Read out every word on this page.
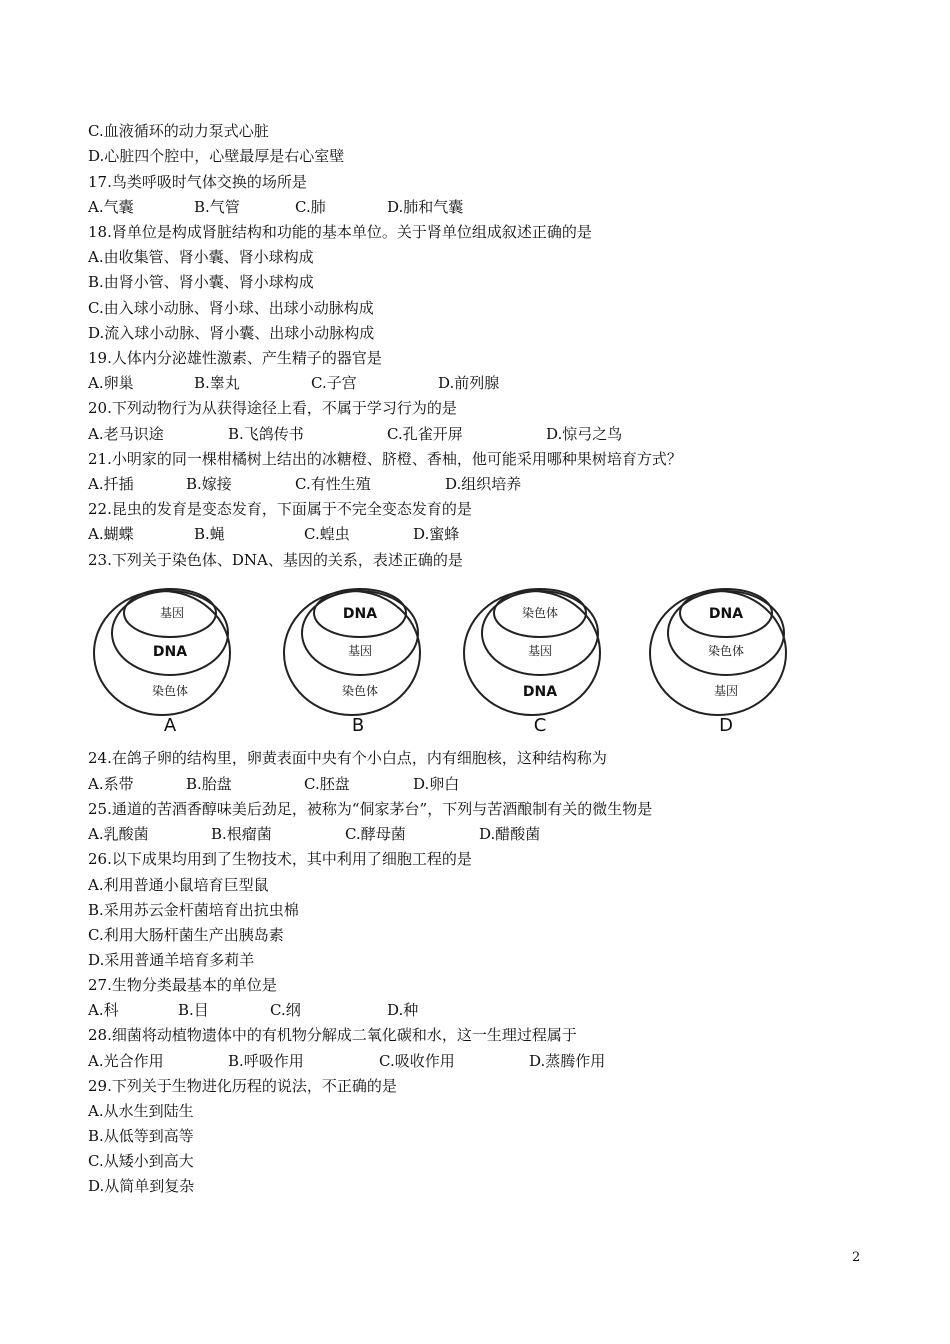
C.血液循环的动力泵式心脏
D.心脏四个腔中，心壁最厚是右心室壁
17.鸟类呼吸时气体交换的场所是
A.气囊	B.气管	C.肺	D.肺和气囊
18.肾单位是构成肾脏结构和功能的基本单位。关于肾单位组成叙述正确的是
A.由收集管、肾小囊、肾小球构成
B.由肾小管、肾小囊、肾小球构成
C.由入球小动脉、肾小球、出球小动脉构成
D.流入球小动脉、肾小囊、出球小动脉构成
19.人体内分泌雄性激素、产生精子的器官是
A.卵巢	B.睾丸	C.子宫	D.前列腺
20.下列动物行为从获得途径上看，不属于学习行为的是
A.老马识途	B.飞鸽传书	C.孔雀开屏	D.惊弓之鸟
21.小明家的同一棵柑橘树上结出的冰糖橙、脐橙、香柚，他可能采用哪种果树培育方式？
A.扦插	B.嫁接	C.有性生殖	D.组织培养
22.昆虫的发育是变态发育，下面属于不完全变态发育的是
A.蝴蝶	B.蝇	C.蝗虫	D.蜜蜂
23.下列关于染色体、DNA、基因的关系，表述正确的是
基因
DNA
染色体
A
DNA
基因
染色体
B
染色体
基因
DNA
C
DNA
染色体
基因
D
24.在鸽子卵的结构里，卵黄表面中央有个小白点，内有细胞核，这种结构称为
A.系带	B.胎盘	C.胚盘	D.卵白
25.通道的苦酒香醇味美后劲足，被称为“侗家茅台”，下列与苦酒酿制有关的微生物是
A.乳酸菌	B.根瘤菌	C.酵母菌	D.醋酸菌
26.以下成果均用到了生物技术，其中利用了细胞工程的是
A.利用普通小鼠培育巨型鼠
B.采用苏云金杆菌培育出抗虫棉
C.利用大肠杆菌生产出胰岛素
D.采用普通羊培育多莉羊
27.生物分类最基本的单位是
A.科	B.目	C.纲	D.种
28.细菌将动植物遗体中的有机物分解成二氧化碳和水，这一生理过程属于
A.光合作用	B.呼吸作用	C.吸收作用	D.蒸腾作用
29.下列关于生物进化历程的说法，不正确的是
A.从水生到陆生
B.从低等到高等
C.从矮小到高大
D.从简单到复杂
2
